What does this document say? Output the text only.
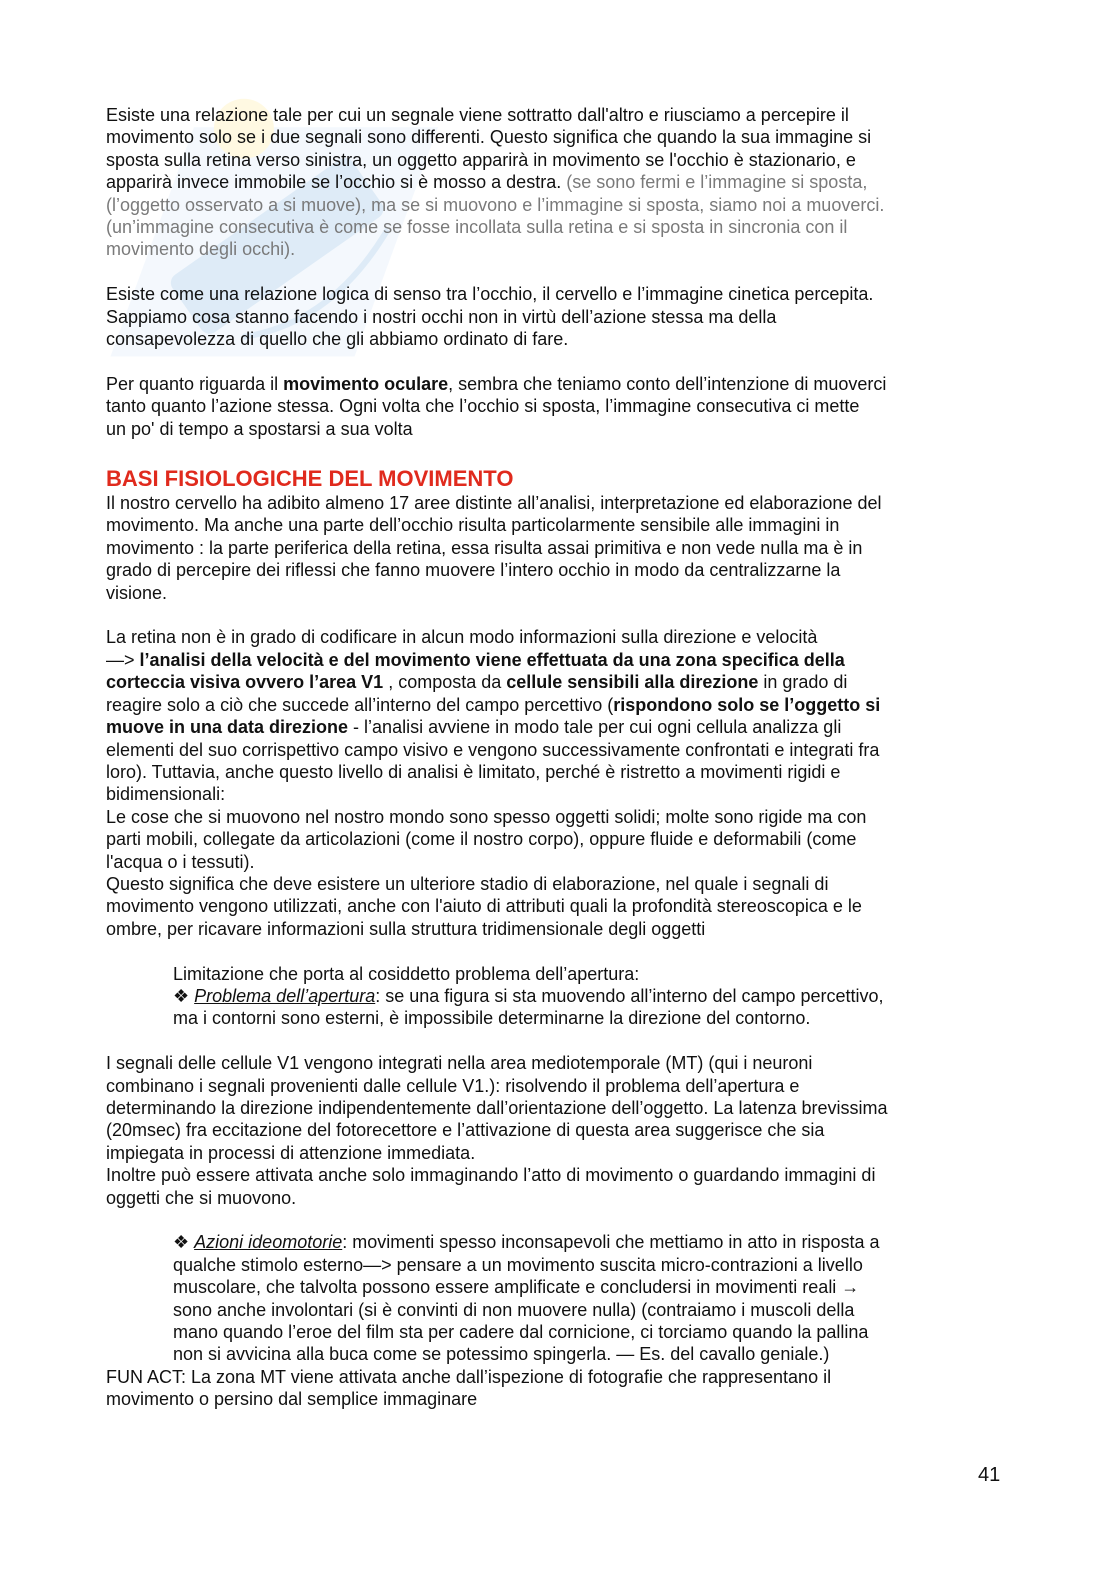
Esiste una relazione tale per cui un segnale viene sottratto dall'altro e riusciamo a percepire il
movimento solo se i due segnali sono differenti. Questo significa che quando la sua immagine si
sposta sulla retina verso sinistra, un oggetto apparirà in movimento se l'occhio è stazionario, e
apparirà invece immobile se l’occhio si è mosso a destra. (se sono fermi e l’immagine si sposta,
(l’oggetto osservato a si muove), ma se si muovono e l’immagine si sposta, siamo noi a muoverci.
(un’immagine consecutiva è come se fosse incollata sulla retina e si sposta in sincronia con il
movimento degli occhi).
Esiste come una relazione logica di senso tra l’occhio, il cervello e l’immagine cinetica percepita.
Sappiamo cosa stanno facendo i nostri occhi non in virtù dell’azione stessa ma della
consapevolezza di quello che gli abbiamo ordinato di fare.
Per quanto riguarda il movimento oculare, sembra che teniamo conto dell’intenzione di muoverci
tanto quanto l’azione stessa. Ogni volta che l’occhio si sposta, l’immagine consecutiva ci mette
un po' di tempo a spostarsi a sua volta
BASI FISIOLOGICHE DEL MOVIMENTO
Il nostro cervello ha adibito almeno 17 aree distinte all’analisi, interpretazione ed elaborazione del
movimento. Ma anche una parte dell’occhio risulta particolarmente sensibile alle immagini in
movimento : la parte periferica della retina, essa risulta assai primitiva e non vede nulla ma è in
grado di percepire dei riflessi che fanno muovere l’intero occhio in modo da centralizzarne la
visione.
La retina non è in grado di codificare in alcun modo informazioni sulla direzione e velocità
—> l’analisi della velocità e del movimento viene effettuata da una zona specifica della
corteccia visiva ovvero l’area V1 , composta da cellule sensibili alla direzione in grado di
reagire solo a ciò che succede all’interno del campo percettivo (rispondono solo se l’oggetto si
muove in una data direzione - l’analisi avviene in modo tale per cui ogni cellula analizza gli
elementi del suo corrispettivo campo visivo e vengono successivamente confrontati e integrati fra
loro). Tuttavia, anche questo livello di analisi è limitato, perché è ristretto a movimenti rigidi e
bidimensionali:
Le cose che si muovono nel nostro mondo sono spesso oggetti solidi; molte sono rigide ma con
parti mobili, collegate da articolazioni (come il nostro corpo), oppure fluide e deformabili (come
l'acqua o i tessuti).
Questo significa che deve esistere un ulteriore stadio di elaborazione, nel quale i segnali di
movimento vengono utilizzati, anche con l'aiuto di attributi quali la profondità stereoscopica e le
ombre, per ricavare informazioni sulla struttura tridimensionale degli oggetti
Limitazione che porta al cosiddetto problema dell’apertura:
❖ Problema dell’apertura: se una figura si sta muovendo all’interno del campo percettivo,
ma i contorni sono esterni, è impossibile determinarne la direzione del contorno.
I segnali delle cellule V1 vengono integrati nella area mediotemporale (MT) (qui i neuroni
combinano i segnali provenienti dalle cellule V1.): risolvendo il problema dell’apertura e
determinando la direzione indipendentemente dall’orientazione dell’oggetto. La latenza brevissima
(20msec) fra eccitazione del fotorecettore e l’attivazione di questa area suggerisce che sia
impiegata in processi di attenzione immediata.
Inoltre può essere attivata anche solo immaginando l’atto di movimento o guardando immagini di
oggetti che si muovono.
❖ Azioni ideomotorie: movimenti spesso inconsapevoli che mettiamo in atto in risposta a
qualche stimolo esterno—> pensare a un movimento suscita micro-contrazioni a livello
muscolare, che talvolta possono essere amplificate e concludersi in movimenti reali →
sono anche involontari (si è convinti di non muovere nulla) (contraiamo i muscoli della
mano quando l’eroe del film sta per cadere dal cornicione, ci torciamo quando la pallina
non si avvicina alla buca come se potessimo spingerla. — Es. del cavallo geniale.)
FUN ACT: La zona MT viene attivata anche dall’ispezione di fotografie che rappresentano il
movimento o persino dal semplice immaginare
41
